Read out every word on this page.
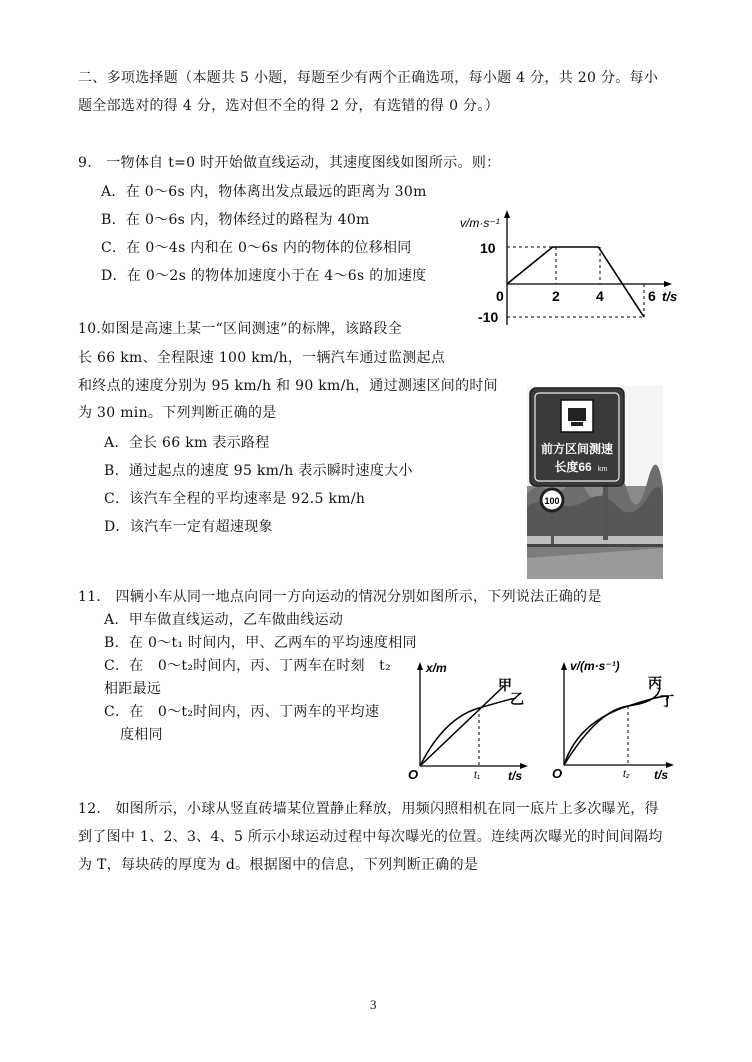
二、多项选择题（本题共 5 小题，每题至少有两个正确选项，每小题 4 分，共 20 分。每小
题全部选对的得 4 分，选对但不全的得 2 分，有选错的得 0 分。）
9.　一物体自 t=0 时开始做直线运动，其速度图线如图所示。则：
A．在 0～6s 内，物体离出发点最远的距离为 30m
B．在 0～6s 内，物体经过的路程为 40m
C．在 0～4s 内和在 0～6s 内的物体的位移相同
D．在 0～2s 的物体加速度小于在 4～6s 的加速度
v/m·s⁻¹
10
-10
0	2	4	6 t/s
10.如图是高速上某一“区间测速”的标牌，该路段全
长 66 km、全程限速 100 km/h，一辆汽车通过监测起点
和终点的速度分别为 95 km/h 和 90 km/h，通过测速区间的时间
为 30 min。下列判断正确的是
A．全长 66 km 表示路程
B．通过起点的速度 95 km/h 表示瞬时速度大小
C．该汽车全程的平均速率是 92.5 km/h
D．该汽车一定有超速现象
前方区间测速
长度66 km
100
11.　四辆小车从同一地点向同一方向运动的情况分别如图所示，下列说法正确的是
A．甲车做直线运动，乙车做曲线运动
B．在 0～t₁ 时间内，甲、乙两车的平均速度相同
C．在　0～t₂时间内，丙、丁两车在时刻　t₂
相距最远
C．在　0～t₂时间内，丙、丁两车的平均速
度相同
x/m
甲
乙
O	t₁ t/s
v/(m·s⁻¹)
丙
丁
O	t₂ t/s
12.　如图所示，小球从竖直砖墙某位置静止释放，用频闪照相机在同一底片上多次曝光，得
到了图中 1、2、3、4、5 所示小球运动过程中每次曝光的位置。连续两次曝光的时间间隔均
为 T，每块砖的厚度为 d。根据图中的信息，下列判断正确的是
3
